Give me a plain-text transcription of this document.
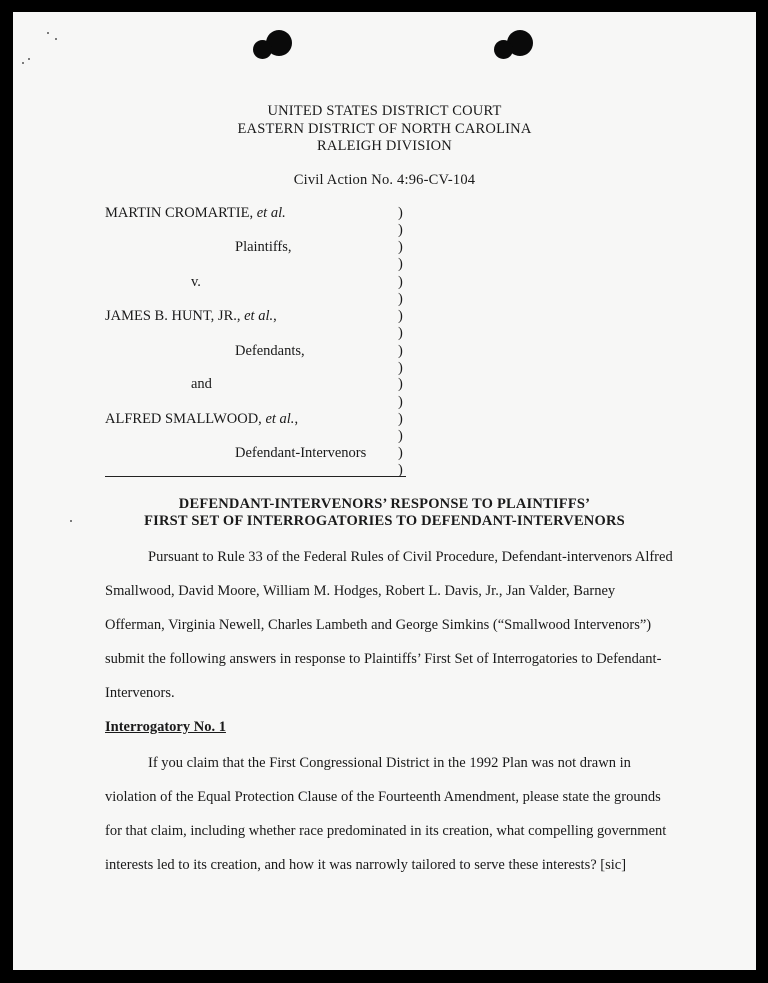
UNITED STATES DISTRICT COURT
EASTERN DISTRICT OF NORTH CAROLINA
RALEIGH DIVISION
Civil Action No. 4:96-CV-104
MARTIN CROMARTIE, et al.
Plaintiffs,
v.
JAMES B. HUNT, JR., et al.,
Defendants,
and
ALFRED SMALLWOOD, et al.,
Defendant-Intervenors
)
)
)
)
)
)
)
)
)
)
)
)
)
)
)
)
DEFENDANT-INTERVENORS’ RESPONSE TO PLAINTIFFS’
FIRST SET OF INTERROGATORIES TO DEFENDANT-INTERVENORS
Pursuant to Rule 33 of the Federal Rules of Civil Procedure, Defendant-intervenors Alfred
Smallwood, David Moore, William M. Hodges, Robert L. Davis, Jr., Jan Valder, Barney
Offerman, Virginia Newell, Charles Lambeth and George Simkins (“Smallwood Intervenors”)
submit the following answers in response to Plaintiffs’ First Set of Interrogatories to Defendant-
Intervenors.
Interrogatory No. 1
If you claim that the First Congressional District in the 1992 Plan was not drawn in
violation of the Equal Protection Clause of the Fourteenth Amendment, please state the grounds
for that claim, including whether race predominated in its creation, what compelling government
interests led to its creation, and how it was narrowly tailored to serve these interests? [sic]
